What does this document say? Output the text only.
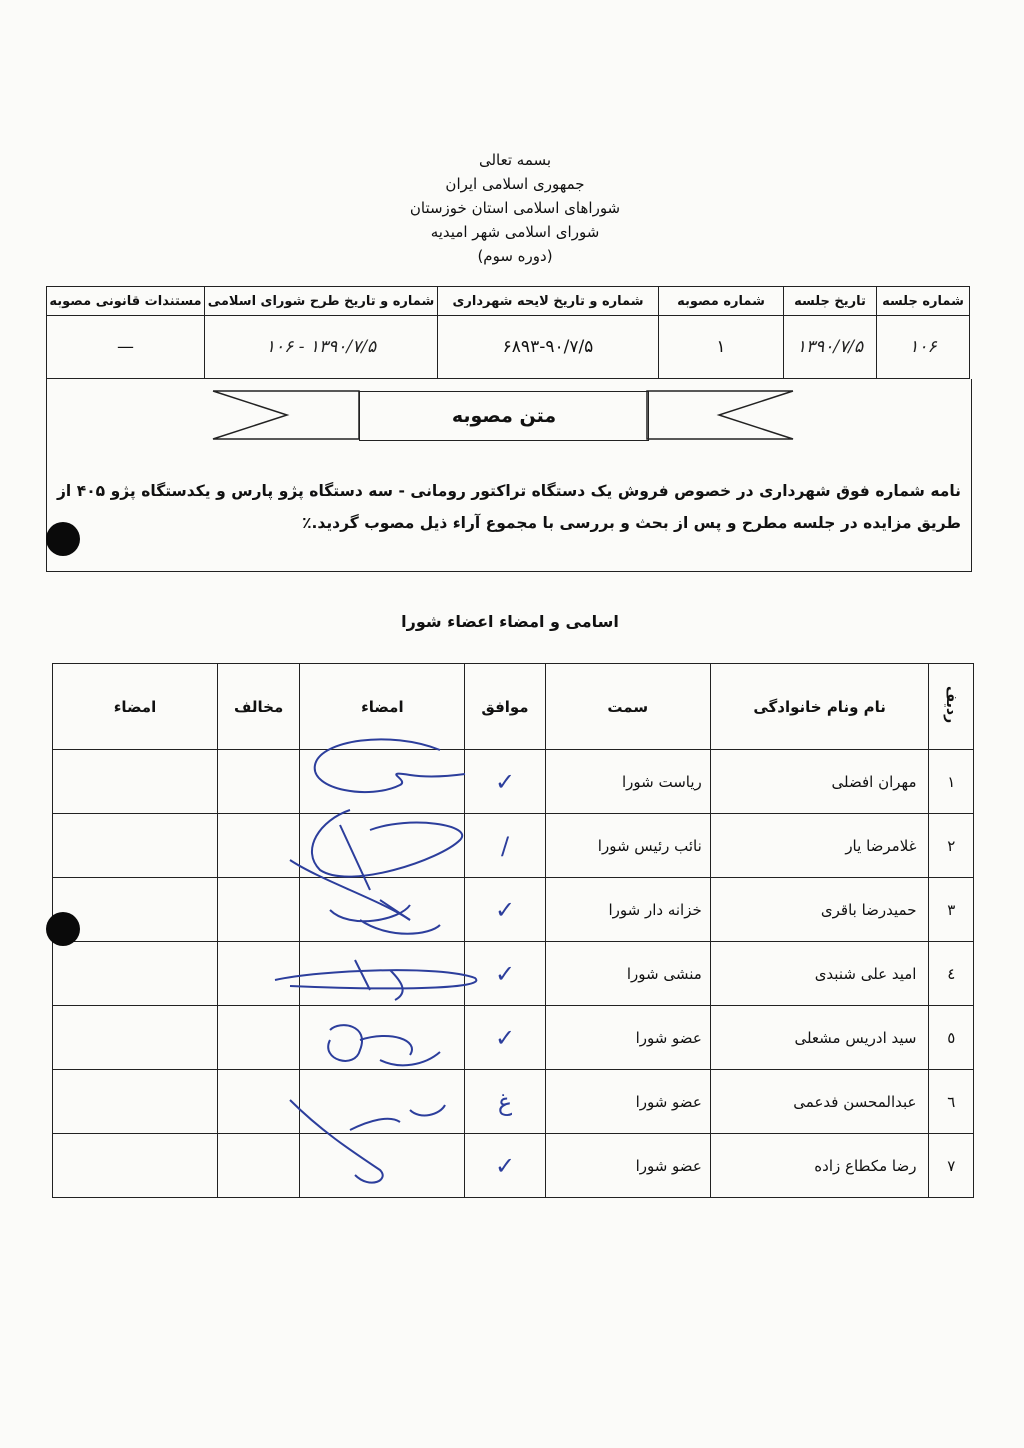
بسمه تعالی
جمهوری اسلامی ایران
شوراهای اسلامی استان خوزستان
شورای اسلامی شهر امیدیه
(دوره سوم)
شماره جلسه	تاریخ جلسه	شماره مصوبه	شماره و تاریخ لایحه شهرداری	شماره و تاریخ طرح شورای اسلامی	مستندات قانونی مصوبه
۱۰۶	۱۳۹۰/۷/۵	۱	۶۸۹۳-۹۰/۷/۵	۱۳۹۰/۷/۵ - ۱۰۶	—
متن مصوبه
نامه شماره فوق شهرداری در خصوص فروش یک دستگاه تراکتور رومانی - سه دستگاه پژو پارس و یکدستگاه پژو ۴۰۵ از طریق مزایده در جلسه مطرح و پس از بحث و بررسی با مجموع آراء ذیل مصوب گردید.٪
اسامی و امضاء اعضاء شورا
ردیف	نام ونام خانوادگی	سمت	موافق	امضاء	مخالف	امضاء
۱	مهران افضلی	ریاست شورا	✓			
۲	غلامرضا یار	نائب رئیس شورا	/			
۳	حمیدرضا باقری	خزانه دار شورا	✓			
٤	امید علی شنبدی	منشی شورا	✓			
٥	سید ادریس مشعلی	عضو شورا	✓			
٦	عبدالمحسن فدعمی	عضو شورا	غ			
۷	رضا مکطاع زاده	عضو شورا	✓			
